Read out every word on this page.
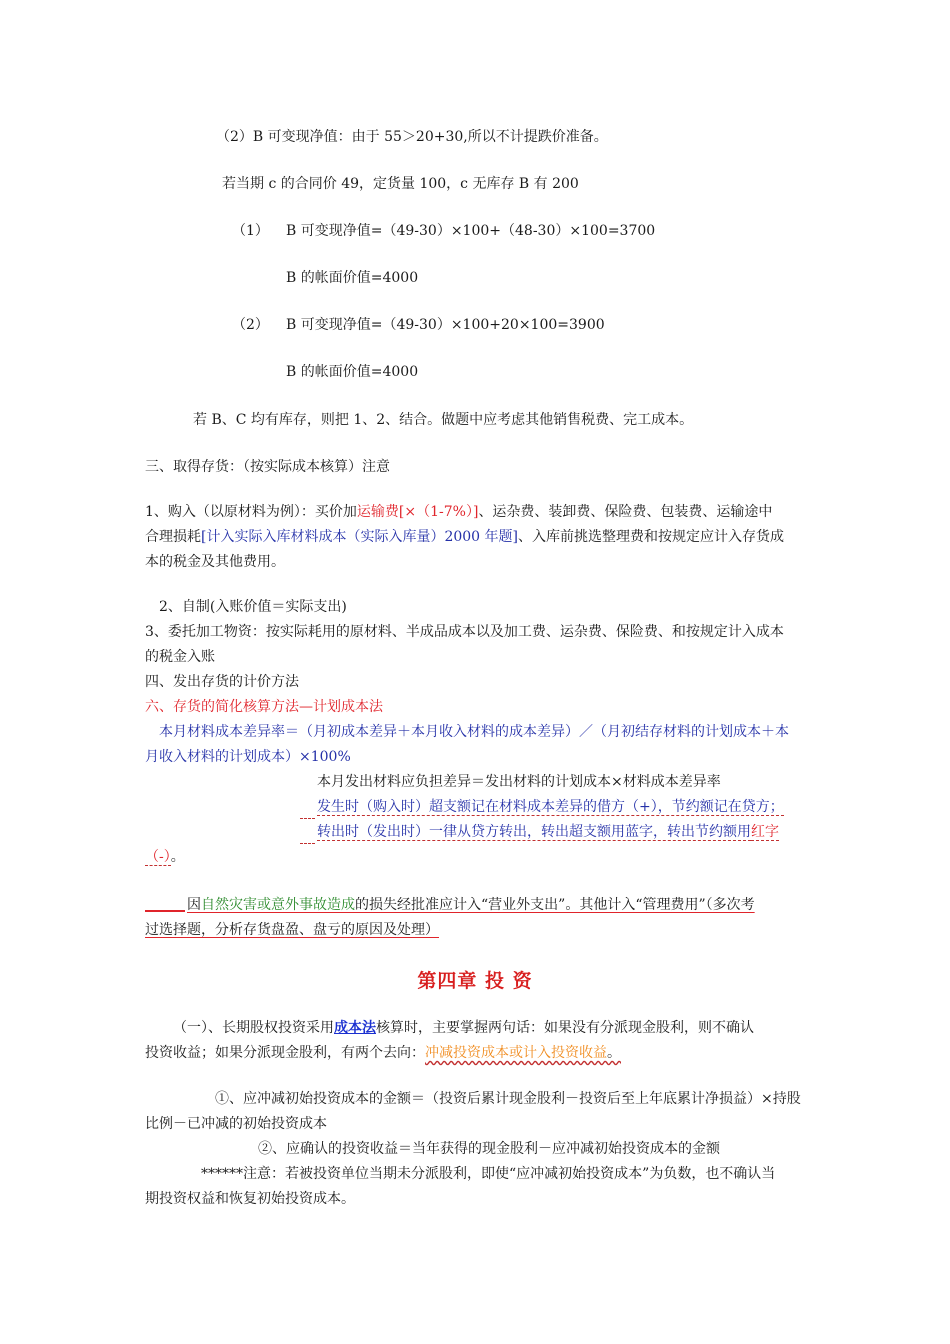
（2）B 可变现净值：由于 55＞20+30,所以不计提跌价准备。
若当期 c 的合同价 49，定货量 100，c 无库存 B 有 200
（1） B 可变现净值=（49-30）×100+（48-30）×100=3700
B 的帐面价值=4000
（2） B 可变现净值=（49-30）×100+20×100=3900
B 的帐面价值=4000
若 B、C 均有库存，则把 1、2、结合。做题中应考虑其他销售税费、完工成本。
三、取得存货：（按实际成本核算）注意
1、购入（以原材料为例）：买价加运输费[×（1-7%）]、运杂费、装卸费、保险费、包装费、运输途中
合理损耗[计入实际入库材料成本（实际入库量）2000 年题]、入库前挑选整理费和按规定应计入存货成
本的税金及其他费用。
2、自制(入账价值＝实际支出)
3、委托加工物资：按实际耗用的原材料、半成品成本以及加工费、运杂费、保险费、和按规定计入成本
的税金入账
四、发出存货的计价方法
六、存货的简化核算方法—计划成本法
本月材料成本差异率＝（月初成本差异＋本月收入材料的成本差异）／（月初结存材料的计划成本＋本
月收入材料的计划成本）×100%
本月发出材料应负担差异＝发出材料的计划成本×材料成本差异率
发生时（购入时）超支额记在材料成本差异的借方（+），节约额记在贷方；
转出时（发出时）一律从贷方转出，转出超支额用蓝字，转出节约额用红字
（-）。
因自然灾害或意外事故造成的损失经批准应计入“营业外支出”。其他计入“管理费用”（多次考
过选择题，分析存货盘盈、盘亏的原因及处理）
第四章 投 资
（一）、长期股权投资采用成本法核算时，主要掌握两句话：如果没有分派现金股利，则不确认
投资收益；如果分派现金股利，有两个去向：冲减投资成本或计入投资收益。
①、应冲减初始投资成本的金额＝（投资后累计现金股利－投资后至上年底累计净损益）×持股
比例－已冲减的初始投资成本
②、应确认的投资收益＝当年获得的现金股利－应冲减初始投资成本的金额
******注意：若被投资单位当期未分派股利，即使“应冲减初始投资成本”为负数，也不确认当
期投资权益和恢复初始投资成本。
